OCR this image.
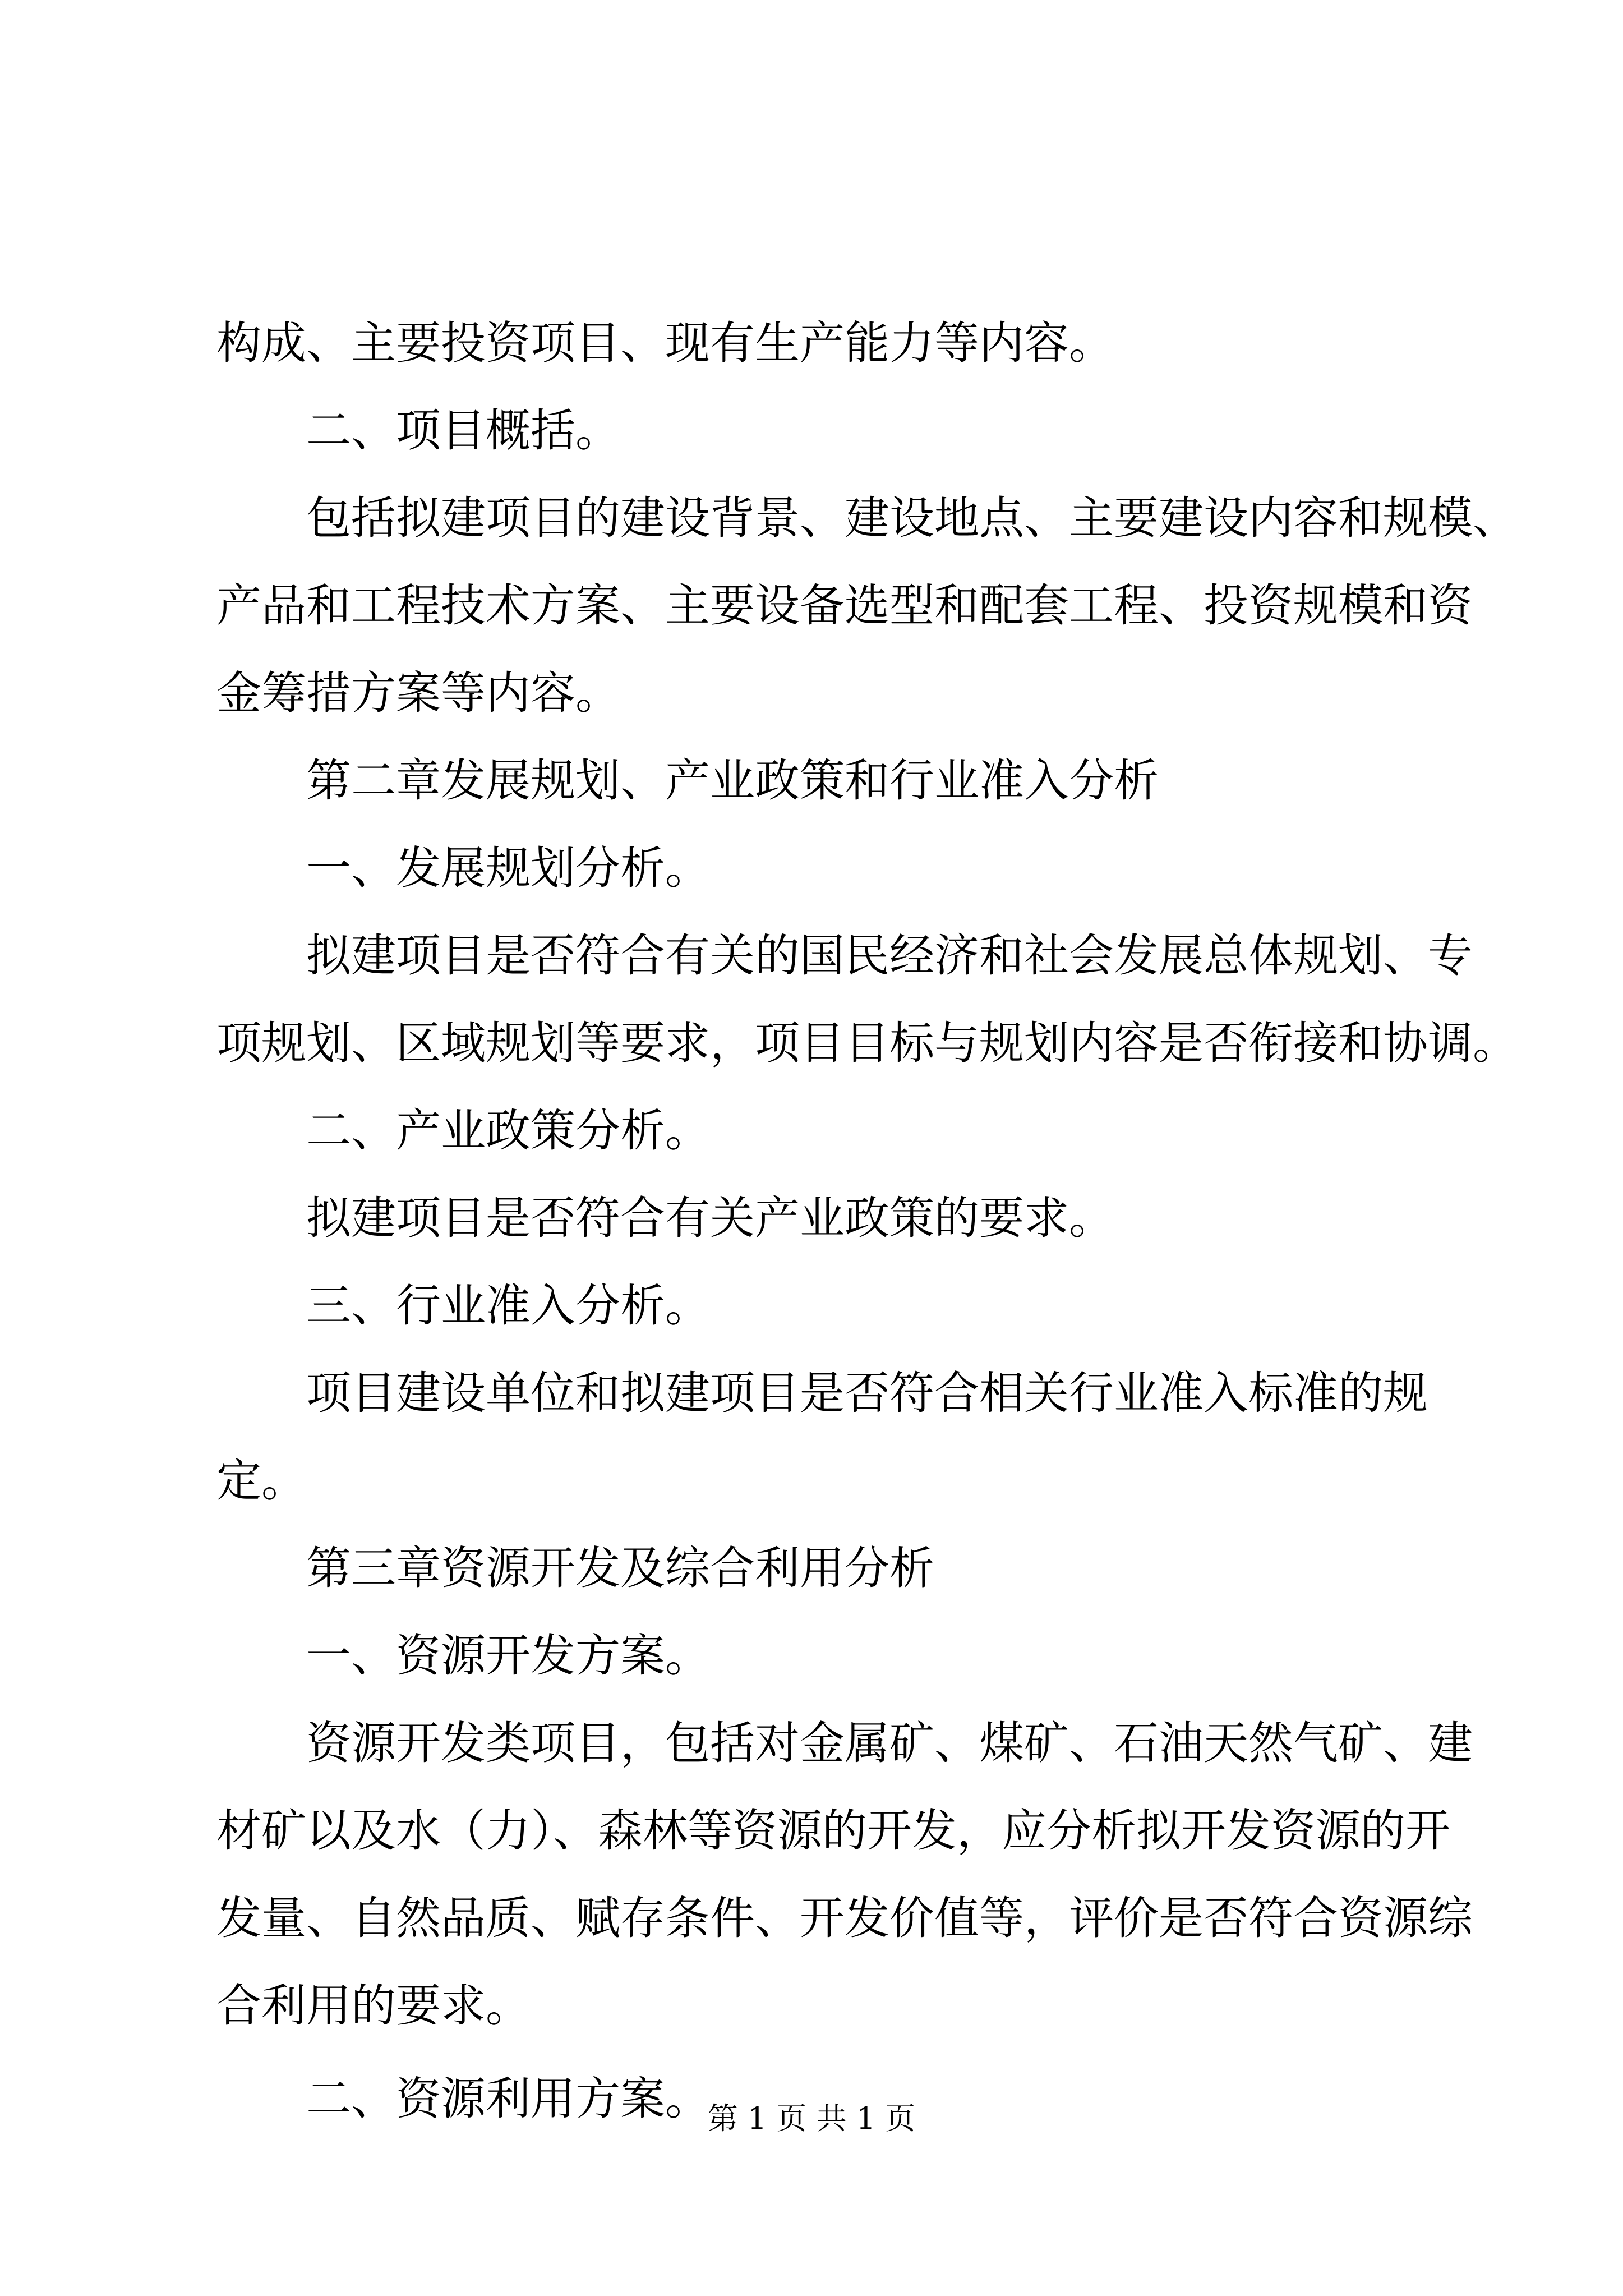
构成、主要投资项目、现有生产能力等内容。
二、项目概括。
包括拟建项目的建设背景、建设地点、主要建设内容和规模、
产品和工程技术方案、主要设备选型和配套工程、投资规模和资
金筹措方案等内容。
第二章发展规划、产业政策和行业准入分析
一、发展规划分析。
拟建项目是否符合有关的国民经济和社会发展总体规划、专
项规划、区域规划等要求，项目目标与规划内容是否衔接和协调。
二、产业政策分析。
拟建项目是否符合有关产业政策的要求。
三、行业准入分析。
项目建设单位和拟建项目是否符合相关行业准入标准的规
定。
第三章资源开发及综合利用分析
一、资源开发方案。
资源开发类项目，包括对金属矿、煤矿、石油天然气矿、建
材矿以及水（力）、森林等资源的开发，应分析拟开发资源的开
发量、自然品质、赋存条件、开发价值等，评价是否符合资源综
合利用的要求。
二、资源利用方案。
第 1 页 共 1 页
